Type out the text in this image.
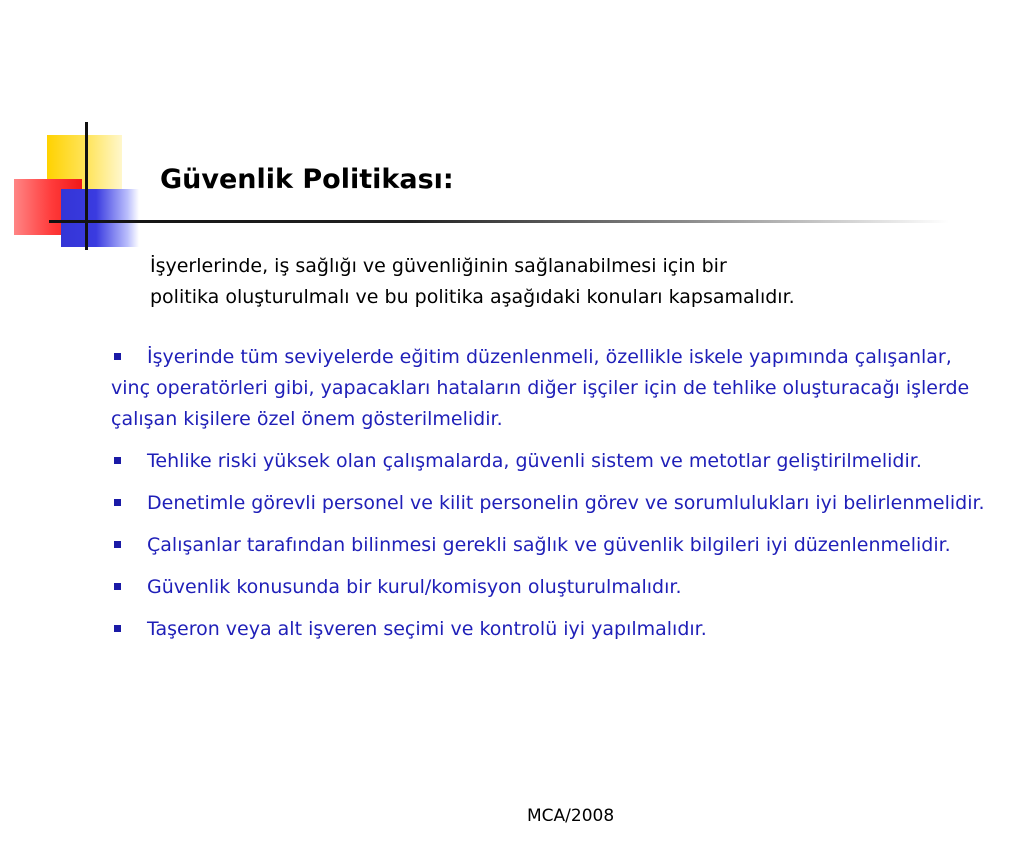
Güvenlik Politikası:
İşyerlerinde, iş sağlığı ve güvenliğinin sağlanabilmesi için bir
politika oluşturulmalı ve bu politika aşağıdaki konuları kapsamalıdır.
İşyerinde tüm seviyelerde eğitim düzenlenmeli, özellikle iskele yapımında çalışanlar, vinç operatörleri gibi, yapacakları hataların diğer işçiler için de tehlike oluşturacağı işlerde çalışan kişilere özel önem gösterilmelidir.
Tehlike riski yüksek olan çalışmalarda, güvenli sistem ve metotlar geliştirilmelidir.
Denetimle görevli personel ve kilit personelin görev ve sorumlulukları iyi belirlenmelidir.
Çalışanlar tarafından bilinmesi gerekli sağlık ve güvenlik bilgileri iyi düzenlenmelidir.
Güvenlik konusunda bir kurul/komisyon oluşturulmalıdır.
Taşeron veya alt işveren seçimi ve kontrolü iyi yapılmalıdır.
MCA/2008
